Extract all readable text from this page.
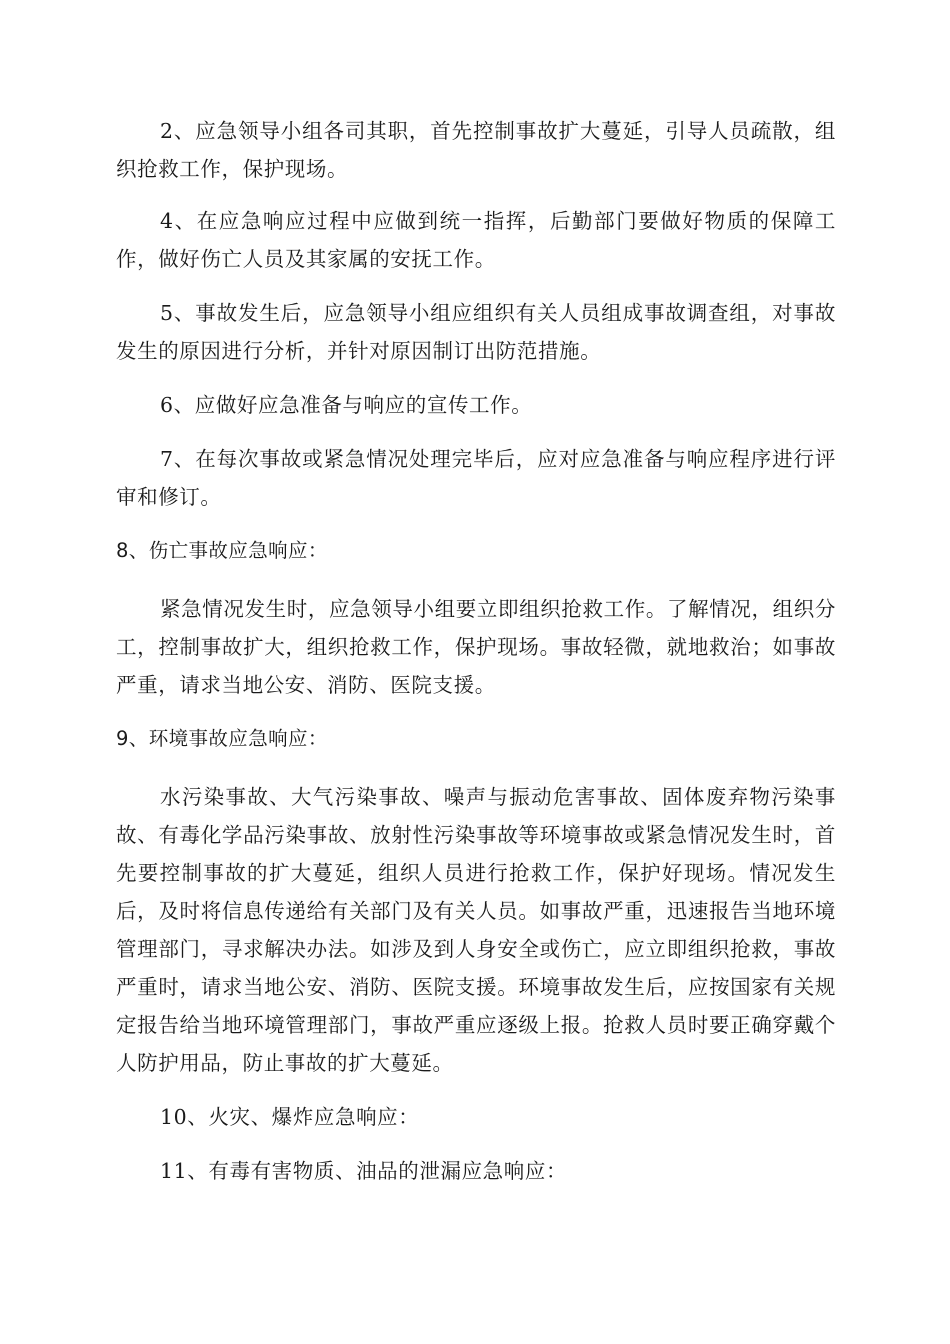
2、应急领导小组各司其职，首先控制事故扩大蔓延，引导人员疏散，组织抢救工作，保护现场。

4、在应急响应过程中应做到统一指挥，后勤部门要做好物质的保障工作，做好伤亡人员及其家属的安抚工作。

5、事故发生后，应急领导小组应组织有关人员组成事故调查组，对事故发生的原因进行分析，并针对原因制订出防范措施。

6、应做好应急准备与响应的宣传工作。

7、在每次事故或紧急情况处理完毕后，应对应急准备与响应程序进行评审和修订。

8、伤亡事故应急响应：

紧急情况发生时，应急领导小组要立即组织抢救工作。了解情况，组织分工，控制事故扩大，组织抢救工作，保护现场。事故轻微，就地救治；如事故严重，请求当地公安、消防、医院支援。

9、环境事故应急响应：

水污染事故、大气污染事故、噪声与振动危害事故、固体废弃物污染事故、有毒化学品污染事故、放射性污染事故等环境事故或紧急情况发生时，首先要控制事故的扩大蔓延，组织人员进行抢救工作，保护好现场。情况发生后，及时将信息传递给有关部门及有关人员。如事故严重，迅速报告当地环境管理部门，寻求解决办法。如涉及到人身安全或伤亡，应立即组织抢救，事故严重时，请求当地公安、消防、医院支援。环境事故发生后，应按国家有关规定报告给当地环境管理部门，事故严重应逐级上报。抢救人员时要正确穿戴个人防护用品，防止事故的扩大蔓延。

10、火灾、爆炸应急响应：

11、有毒有害物质、油品的泄漏应急响应：
